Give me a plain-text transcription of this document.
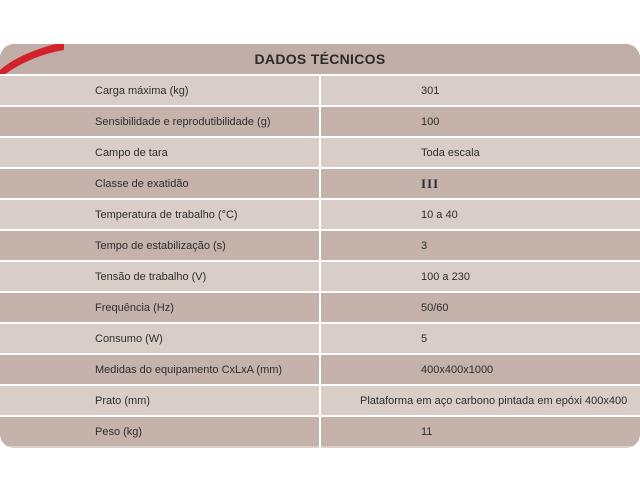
DADOS TÉCNICOS
Carga máxima (kg)	301
Sensibilidade e reprodutibilidade (g)	100
Campo de tara	Toda escala
Classe de exatidão	III
Temperatura de trabalho (°C)	10 a 40
Tempo de estabilização (s)	3
Tensão de trabalho (V)	100 a 230
Frequência (Hz)	50/60
Consumo (W)	5
Medidas do equipamento CxLxA (mm)	400x400x1000
Prato (mm)	Plataforma em aço carbono pintada em epóxi 400x400
Peso (kg)	11
